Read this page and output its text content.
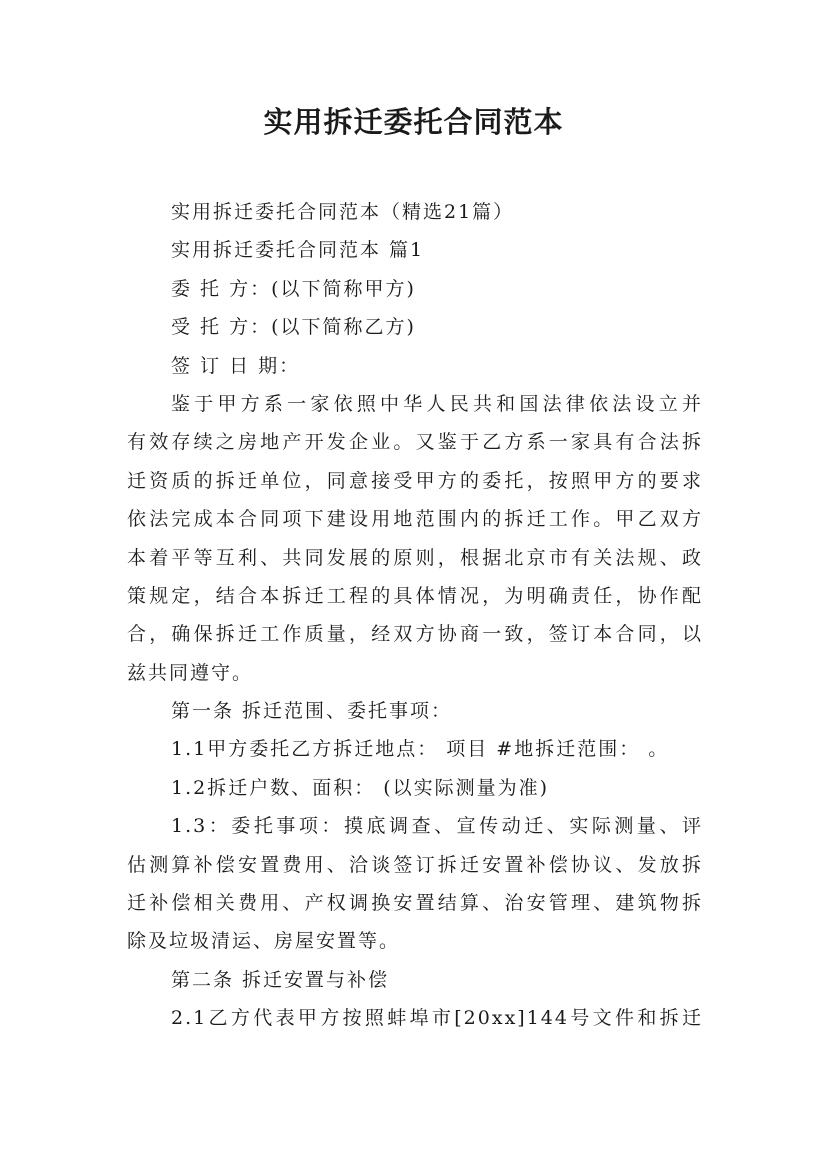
实用拆迁委托合同范本
实用拆迁委托合同范本（精选21篇）
实用拆迁委托合同范本 篇1
委 托 方：(以下简称甲方)
受 托 方：(以下简称乙方)
签 订 日 期：
鉴于甲方系一家依照中华人民共和国法律依法设立并
有效存续之房地产开发企业。又鉴于乙方系一家具有合法拆
迁资质的拆迁单位，同意接受甲方的委托，按照甲方的要求
依法完成本合同项下建设用地范围内的拆迁工作。甲乙双方
本着平等互利、共同发展的原则，根据北京市有关法规、政
策规定，结合本拆迁工程的具体情况，为明确责任，协作配
合，确保拆迁工作质量，经双方协商一致，签订本合同，以
兹共同遵守。
第一条 拆迁范围、委托事项：
1.1甲方委托乙方拆迁地点： 项目 #地拆迁范围： 。
1.2拆迁户数、面积： (以实际测量为准)
1.3：委托事项：摸底调查、宣传动迁、实际测量、评
估测算补偿安置费用、洽谈签订拆迁安置补偿协议、发放拆
迁补偿相关费用、产权调换安置结算、治安管理、建筑物拆
除及垃圾清运、房屋安置等。
第二条 拆迁安置与补偿
2.1乙方代表甲方按照蚌埠市[20xx]144号文件和拆迁
